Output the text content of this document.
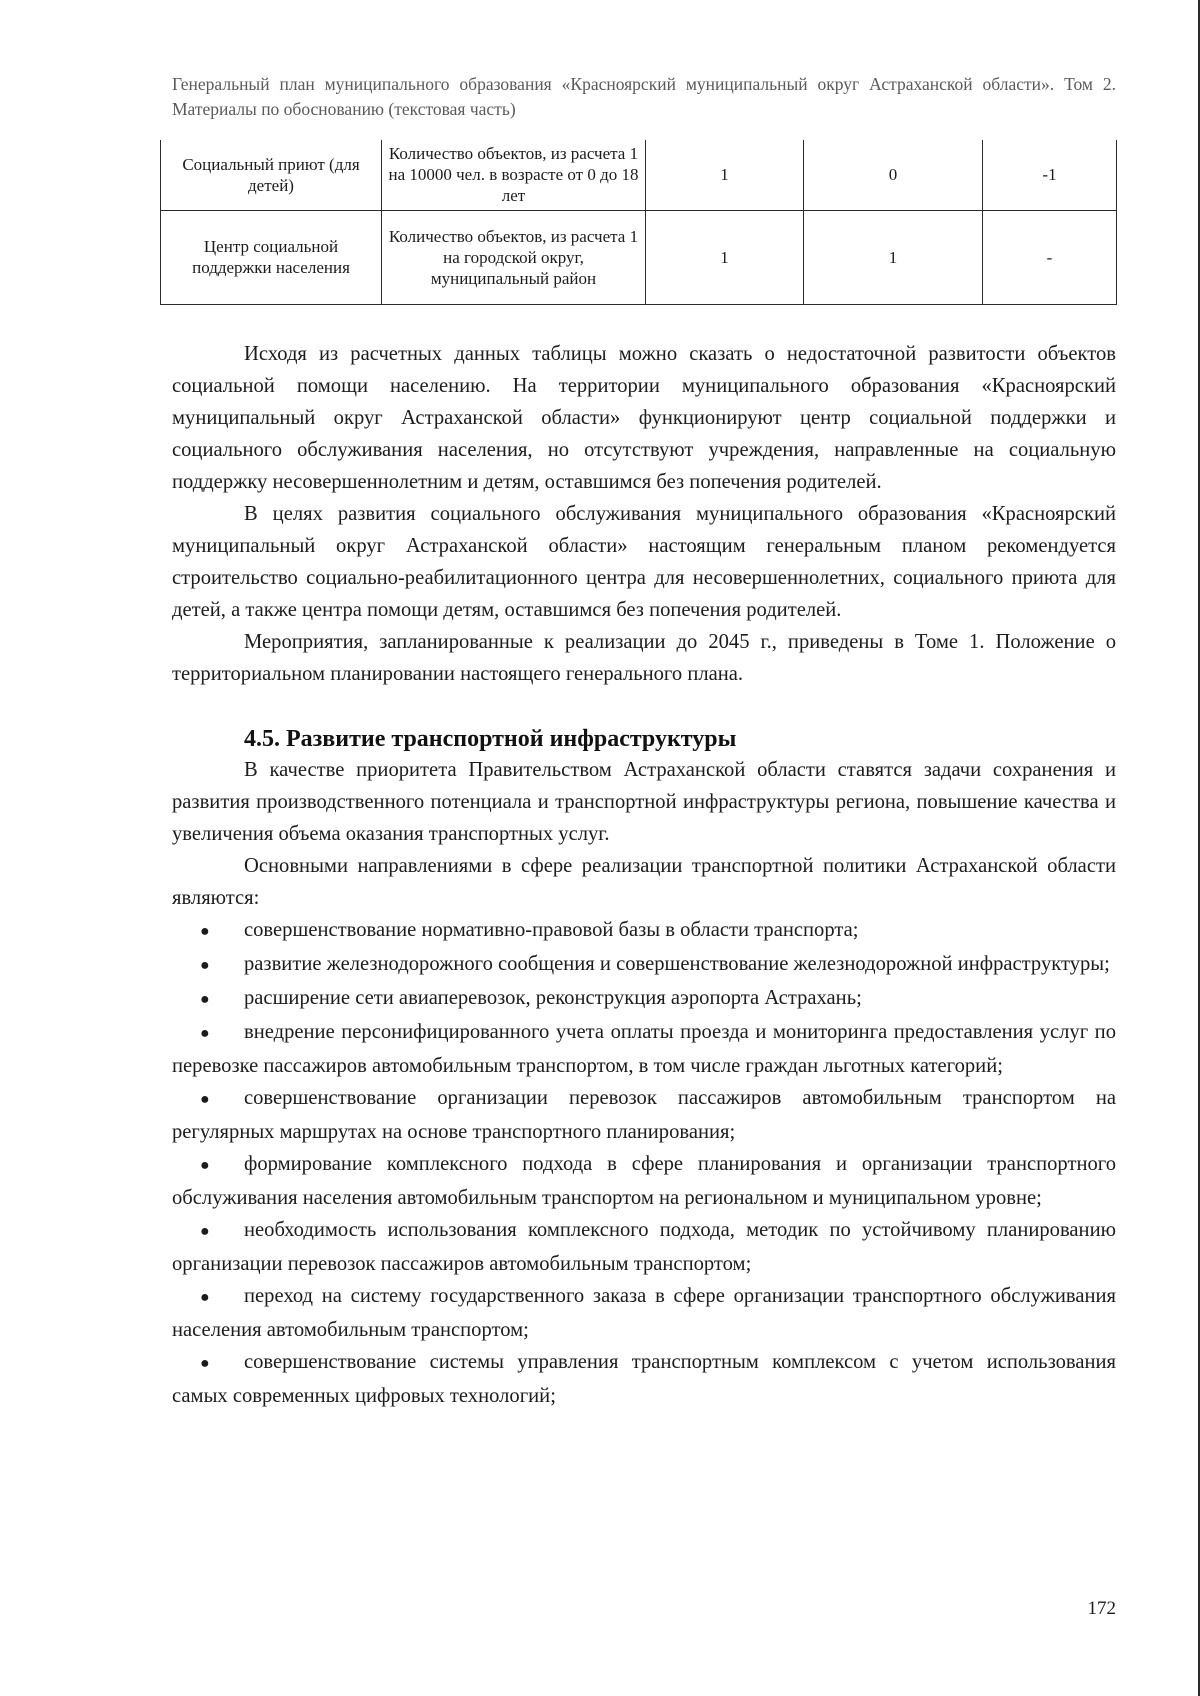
Генеральный план муниципального образования «Красноярский муниципальный округ Астраханской области». Том 2. Материалы по обоснованию (текстовая часть)
Социальный приют (для детей)	Количество объектов, из расчета 1 на 10000 чел. в возрасте от 0 до 18 лет	1	0	-1
Центр социальной поддержки населения	Количество объектов, из расчета 1 на городской округ, муниципальный район	1	1	-

Исходя из расчетных данных таблицы можно сказать о недостаточной развитости объектов социальной помощи населению. На территории муниципального образования «Красноярский муниципальный округ Астраханской области» функционируют центр социальной поддержки и социального обслуживания населения, но отсутствуют учреждения, направленные на социальную поддержку несовершеннолетним и детям, оставшимся без попечения родителей.

В целях развития социального обслуживания муниципального образования «Красноярский муниципальный округ Астраханской области» настоящим генеральным планом рекомендуется строительство социально-реабилитационного центра для несовершеннолетних, социального приюта для детей, а также центра помощи детям, оставшимся без попечения родителей.

Мероприятия, запланированные к реализации до 2045 г., приведены в Томе 1. Положение о территориальном планировании настоящего генерального плана.

4.5. Развитие транспортной инфраструктуры

В качестве приоритета Правительством Астраханской области ставятся задачи сохранения и развития производственного потенциала и транспортной инфраструктуры региона, повышение качества и увеличения объема оказания транспортных услуг.

Основными направлениями в сфере реализации транспортной политики Астраханской области являются:

● совершенствование нормативно-правовой базы в области транспорта;
● развитие железнодорожного сообщения и совершенствование железнодорожной инфраструктуры;
● расширение сети авиаперевозок, реконструкция аэропорта Астрахань;
● внедрение персонифицированного учета оплаты проезда и мониторинга предоставления услуг по перевозке пассажиров автомобильным транспортом, в том числе граждан льготных категорий;
● совершенствование организации перевозок пассажиров автомобильным транспортом на регулярных маршрутах на основе транспортного планирования;
● формирование комплексного подхода в сфере планирования и организации транспортного обслуживания населения автомобильным транспортом на региональном и муниципальном уровне;
● необходимость использования комплексного подхода, методик по устойчивому планированию организации перевозок пассажиров автомобильным транспортом;
● переход на систему государственного заказа в сфере организации транспортного обслуживания населения автомобильным транспортом;
● совершенствование системы управления транспортным комплексом с учетом использования самых современных цифровых технологий;
172
